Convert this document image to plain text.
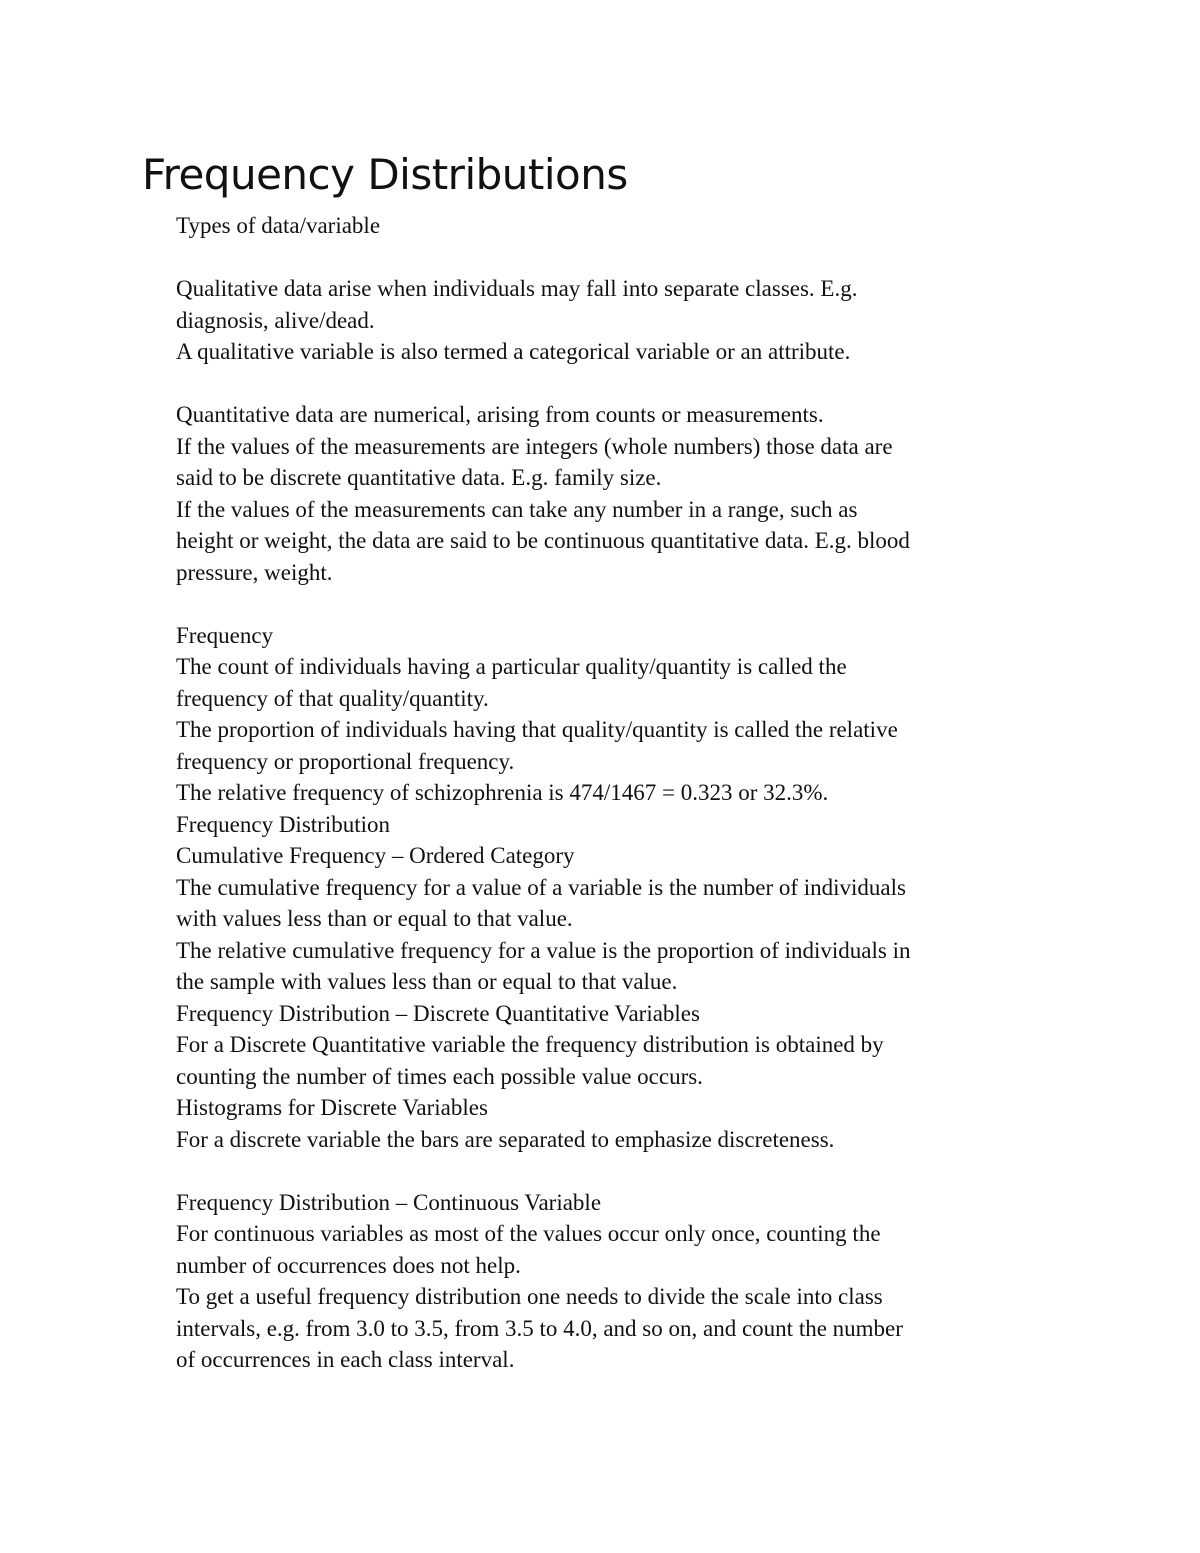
Frequency Distributions
Types of data/variable
Qualitative data arise when individuals may fall into separate classes. E.g.
diagnosis, alive/dead.
A qualitative variable is also termed a categorical variable or an attribute.
Quantitative data are numerical, arising from counts or measurements.
If the values of the measurements are integers (whole numbers) those data are
said to be discrete quantitative data. E.g. family size.
If the values of the measurements can take any number in a range, such as
height or weight, the data are said to be continuous quantitative data. E.g. blood
pressure, weight.
Frequency
The count of individuals having a particular quality/quantity is called the
frequency of that quality/quantity.
The proportion of individuals having that quality/quantity is called the relative
frequency or proportional frequency.
The relative frequency of schizophrenia is 474/1467 = 0.323 or 32.3%.
Frequency Distribution
Cumulative Frequency – Ordered Category
The cumulative frequency for a value of a variable is the number of individuals
with values less than or equal to that value.
The relative cumulative frequency for a value is the proportion of individuals in
the sample with values less than or equal to that value.
Frequency Distribution – Discrete Quantitative Variables
For a Discrete Quantitative variable the frequency distribution is obtained by
counting the number of times each possible value occurs.
Histograms for Discrete Variables
For a discrete variable the bars are separated to emphasize discreteness.
Frequency Distribution – Continuous Variable
For continuous variables as most of the values occur only once, counting the
number of occurrences does not help.
To get a useful frequency distribution one needs to divide the scale into class
intervals, e.g. from 3.0 to 3.5, from 3.5 to 4.0, and so on, and count the number
of occurrences in each class interval.
